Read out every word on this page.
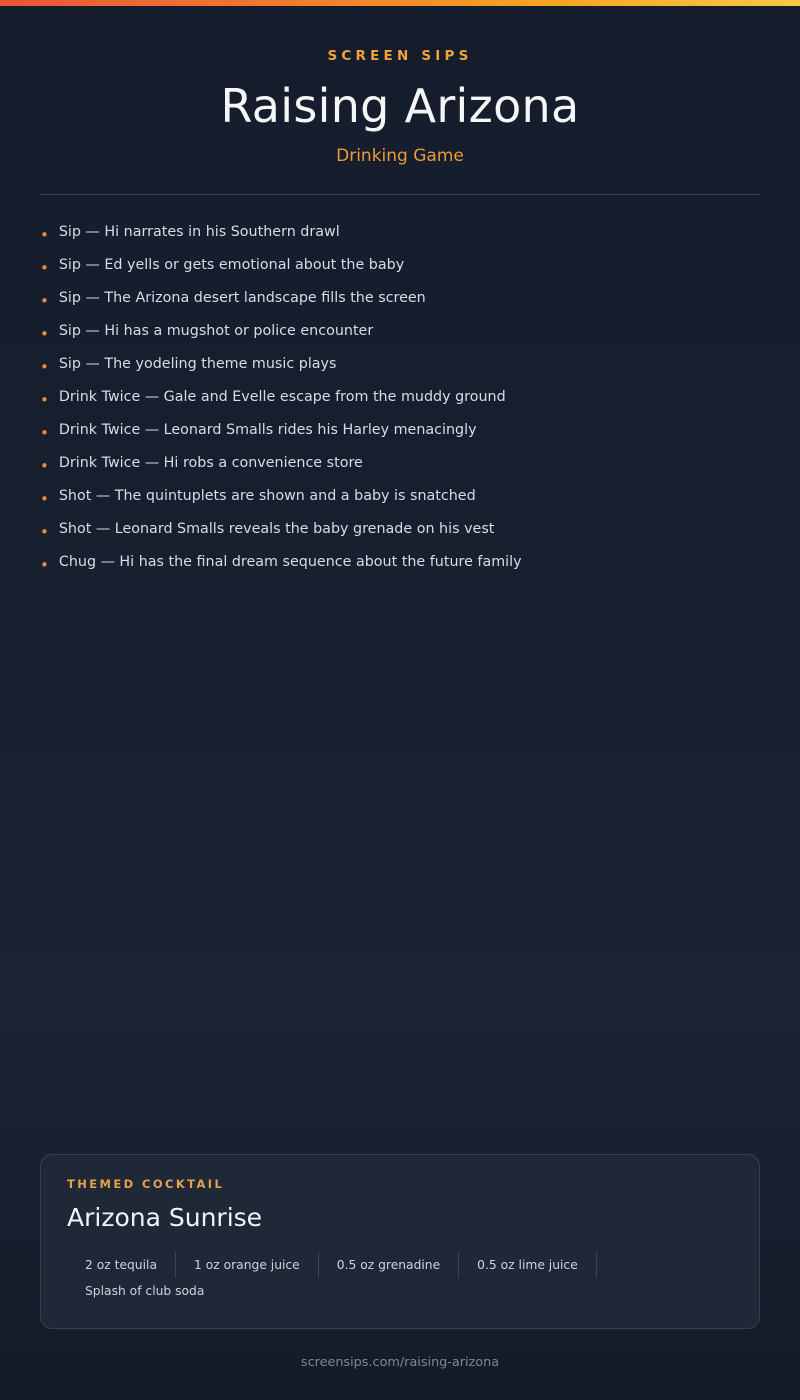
SCREEN SIPS
Raising Arizona
Drinking Game
• Sip — Hi narrates in his Southern drawl
• Sip — Ed yells or gets emotional about the baby
• Sip — The Arizona desert landscape fills the screen
• Sip — Hi has a mugshot or police encounter
• Sip — The yodeling theme music plays
• Drink Twice — Gale and Evelle escape from the muddy ground
• Drink Twice — Leonard Smalls rides his Harley menacingly
• Drink Twice — Hi robs a convenience store
• Shot — The quintuplets are shown and a baby is snatched
• Shot — Leonard Smalls reveals the baby grenade on his vest
• Chug — Hi has the final dream sequence about the future family
THEMED COCKTAIL
Arizona Sunrise
2 oz tequila	1 oz orange juice	0.5 oz grenadine	0.5 oz lime juice
Splash of club soda
screensips.com/raising-arizona
